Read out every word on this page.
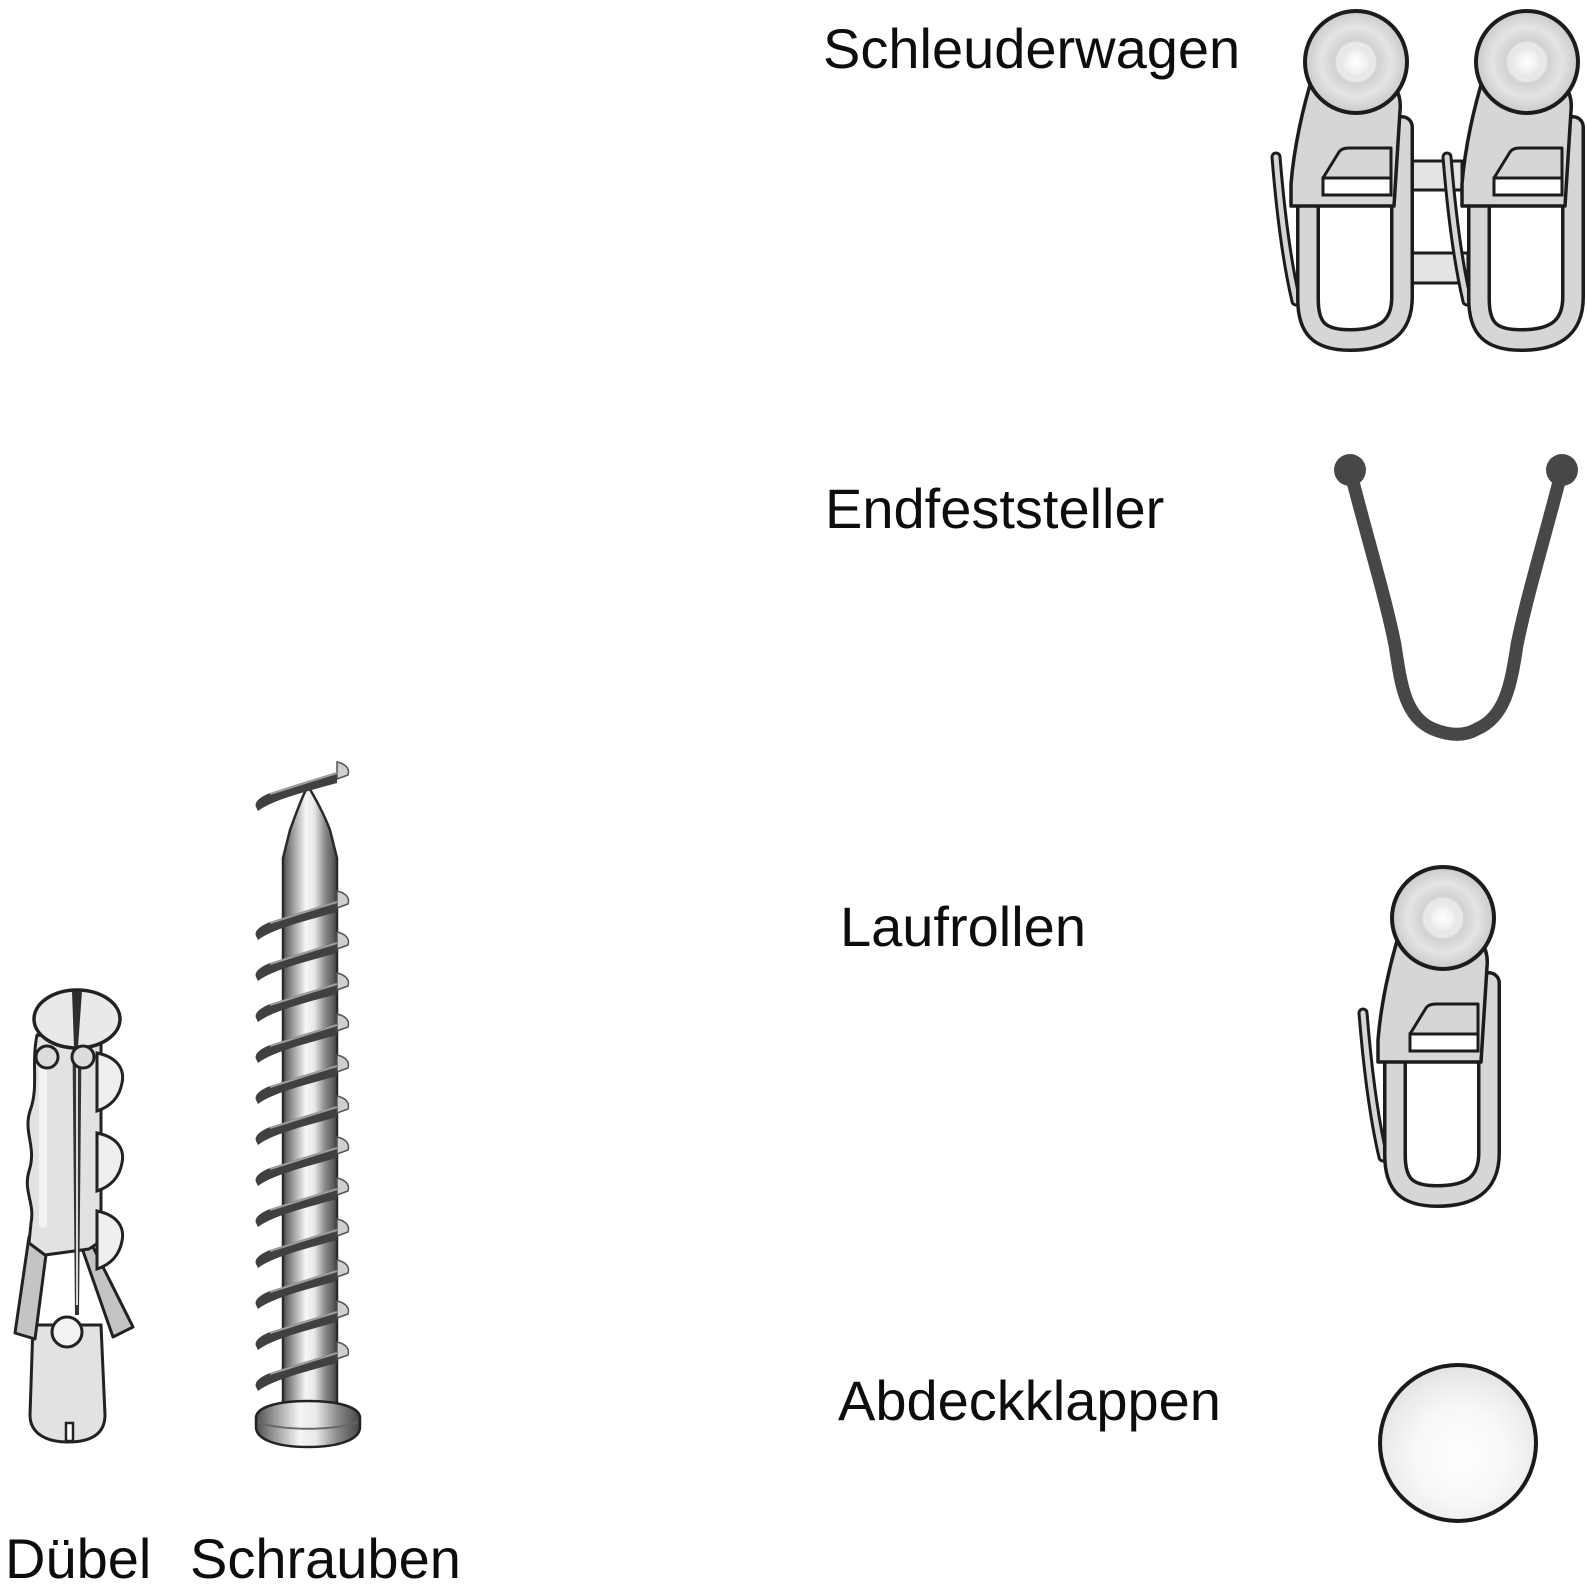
Schleuderwagen
Endfeststeller
Laufrollen
Abdeckklappen
Dübel Schrauben
